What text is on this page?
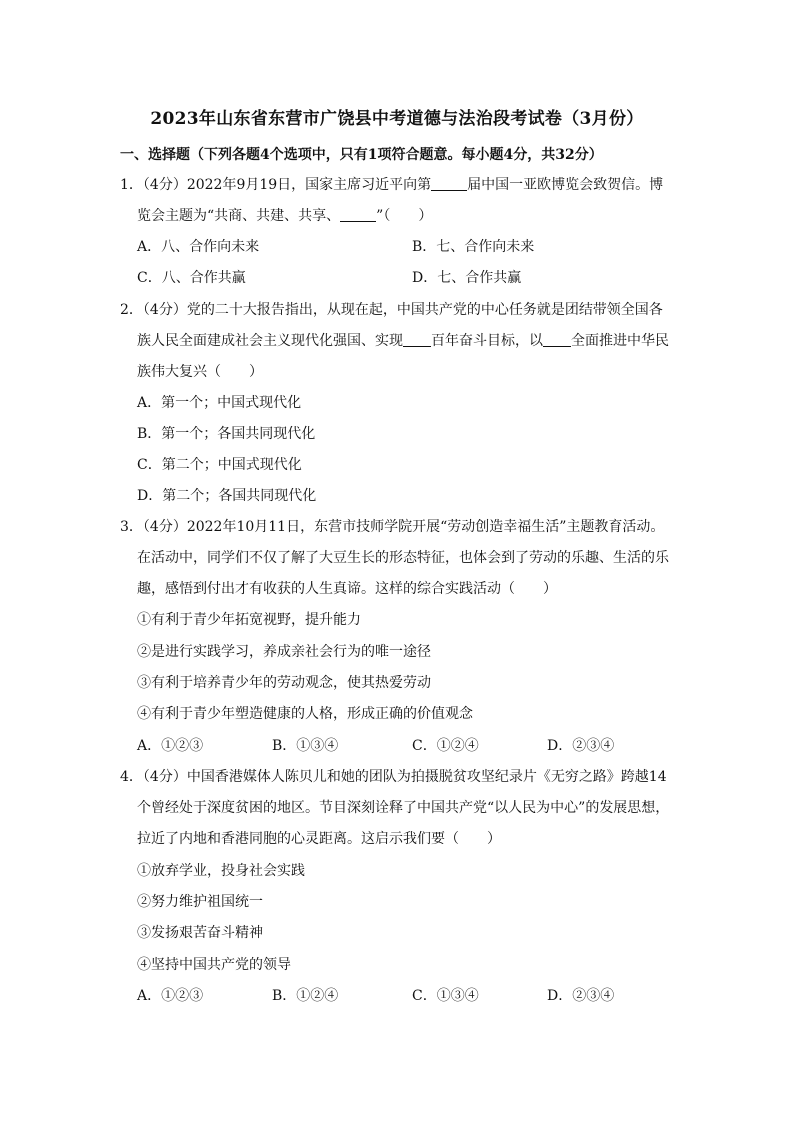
2023年山东省东营市广饶县中考道德与法治段考试卷（3月份）
一、选择题（下列各题4个选项中，只有1项符合题意。每小题4分，共32分）
1．（4分）2022年9月19日，国家主席习近平向第	届中国一亚欧博览会致贺信。博
览会主题为“共商、共建、共享、	”（　　）
A．八、合作向未来	B．七、合作向未来
C．八、合作共赢	D．七、合作共赢
2．（4分）党的二十大报告指出，从现在起，中国共产党的中心任务就是团结带领全国各
族人民全面建成社会主义现代化强国、实现 百年奋斗目标，以 全面推进中华民
族伟大复兴（　　）
A．第一个；中国式现代化
B．第一个；各国共同现代化
C．第二个；中国式现代化
D．第二个；各国共同现代化
3．（4分）2022年10月11日，东营市技师学院开展“劳动创造幸福生活”主题教育活动。
在活动中，同学们不仅了解了大豆生长的形态特征，也体会到了劳动的乐趣、生活的乐
趣，感悟到付出才有收获的人生真谛。这样的综合实践活动（　　）
①有利于青少年拓宽视野，提升能力
②是进行实践学习，养成亲社会行为的唯一途径
③有利于培养青少年的劳动观念，使其热爱劳动
④有利于青少年塑造健康的人格，形成正确的价值观念
A．①②③	B．①③④	C．①②④	D．②③④
4．（4分）中国香港媒体人陈贝儿和她的团队为拍摄脱贫攻坚纪录片《无穷之路》跨越14
个曾经处于深度贫困的地区。节目深刻诠释了中国共产党“以人民为中心”的发展思想，
拉近了内地和香港同胞的心灵距离。这启示我们要（　　）
①放弃学业，投身社会实践
②努力维护祖国统一
③发扬艰苦奋斗精神
④坚持中国共产党的领导
A．①②③	B．①②④	C．①③④	D．②③④
